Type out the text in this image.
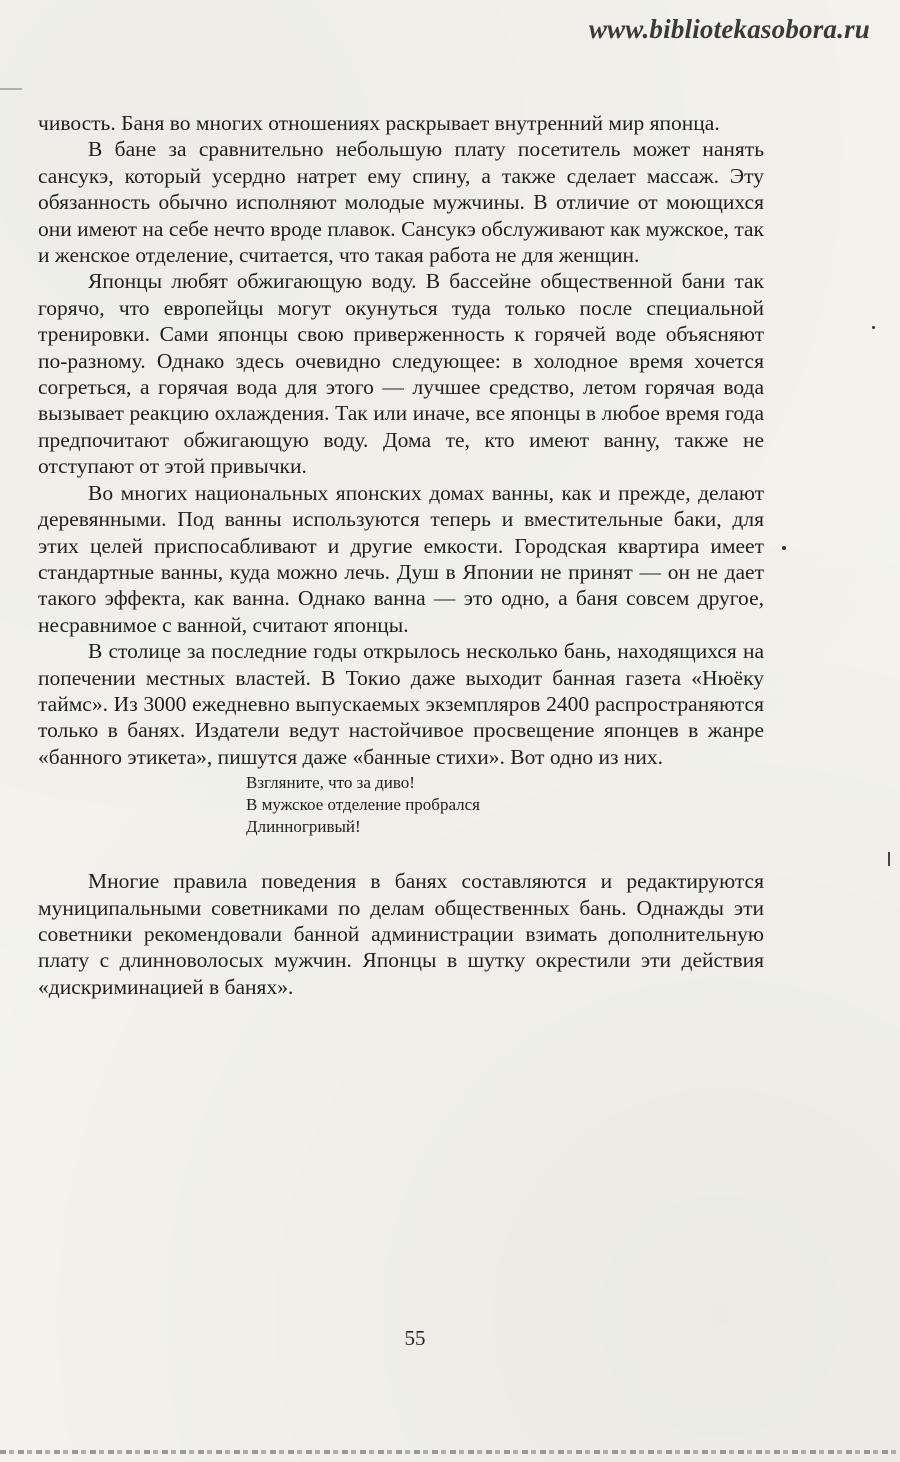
www.bibliotekasobora.ru

чивость. Баня во многих отношениях раскрывает внутренний мир японца.

В бане за сравнительно небольшую плату посетитель может нанять сансукэ, который усердно натрет ему спину, а также сделает массаж. Эту обязанность обычно исполняют молодые мужчины. В отличие от моющихся они имеют на себе нечто вроде плавок. Сансукэ обслуживают как мужское, так и женское отделение, считается, что такая работа не для женщин.

Японцы любят обжигающую воду. В бассейне общественной бани так горячо, что европейцы могут окунуться туда только после специальной тренировки. Сами японцы свою приверженность к горячей воде объясняют по-разному. Однако здесь очевидно следующее: в холодное время хочется согреться, а горячая вода для этого — лучшее средство, летом горячая вода вызывает реакцию охлаждения. Так или иначе, все японцы в любое время года предпочитают обжигающую воду. Дома те, кто имеют ванну, также не отступают от этой привычки.

Во многих национальных японских домах ванны, как и прежде, делают деревянными. Под ванны используются теперь и вместительные баки, для этих целей приспосабливают и другие емкости. Городская квартира имеет стандартные ванны, куда можно лечь. Душ в Японии не принят — он не дает такого эффекта, как ванна. Однако ванна — это одно, а баня совсем другое, несравнимое с ванной, считают японцы.

В столице за последние годы открылось несколько бань, находящихся на попечении местных властей. В Токио даже выходит банная газета «Нюёку таймс». Из 3000 ежедневно выпускаемых экземпляров 2400 распространяются только в банях. Издатели ведут настойчивое просвещение японцев в жанре «банного этикета», пишутся даже «банные стихи». Вот одно из них.

Взгляните, что за диво!
В мужское отделение пробрался
Длинногривый!

Многие правила поведения в банях составляются и редактируются муниципальными советниками по делам общественных бань. Однажды эти советники рекомендовали банной администрации взимать дополнительную плату с длинноволосых мужчин. Японцы в шутку окрестили эти действия «дискриминацией в банях».

55
